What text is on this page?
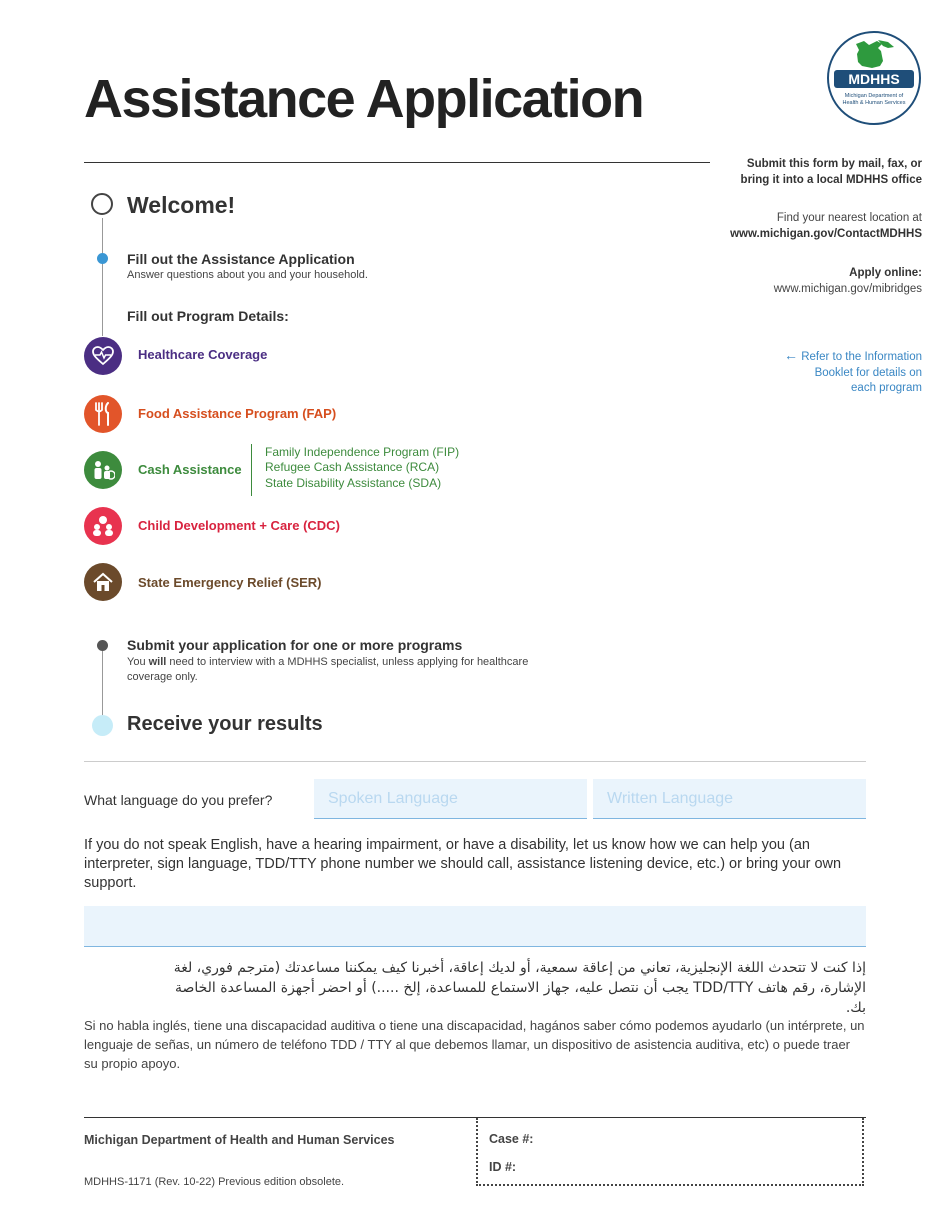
Assistance Application	MDHHS
Michigan Department of
Health & Human Services
Submit this form by mail, fax, or
bring it into a local MDHHS office
Find your nearest location at
www.michigan.gov/ContactMDHHS
Apply online:
www.michigan.gov/mibridges
← Refer to the Information
Booklet for details on
each program
Welcome!
Fill out the Assistance Application
Answer questions about you and your household.
Fill out Program Details:
Healthcare Coverage
Food Assistance Program (FAP)
Cash Assistance
Family Independence Program (FIP)
Refugee Cash Assistance (RCA)
State Disability Assistance (SDA)
Child Development + Care (CDC)
State Emergency Relief (SER)
Submit your application for one or more programs
You will need to interview with a MDHHS specialist, unless applying for healthcare coverage only.
Receive your results
What language do you prefer?
Spoken Language
Written Language
If you do not speak English, have a hearing impairment, or have a disability, let us know how we can help you (an interpreter, sign language, TDD/TTY phone number we should call, assistance listening device, etc.) or bring your own support.
إذا كنت لا تتحدث اللغة الإنجليزية، تعاني من إعاقة سمعية، أو لديك إعاقة، أخبرنا كيف يمكننا مساعدتك (مترجم فوري، لغة الإشارة، رقم هاتف TDD/TTY يجب أن نتصل عليه، جهاز الاستماع للمساعدة، إلخ .....) أو احضر أجهزة المساعدة الخاصة بك.
Si no habla inglés, tiene una discapacidad auditiva o tiene una discapacidad, hagános saber cómo podemos ayudarlo (un intérprete, un lenguaje de señas, un número de teléfono TDD / TTY al que debemos llamar, un dispositivo de asistencia auditiva, etc) o puede traer su propio apoyo.
Michigan Department of Health and Human Services
MDHHS-1171 (Rev. 10-22) Previous edition obsolete.
Case #:
ID #:
